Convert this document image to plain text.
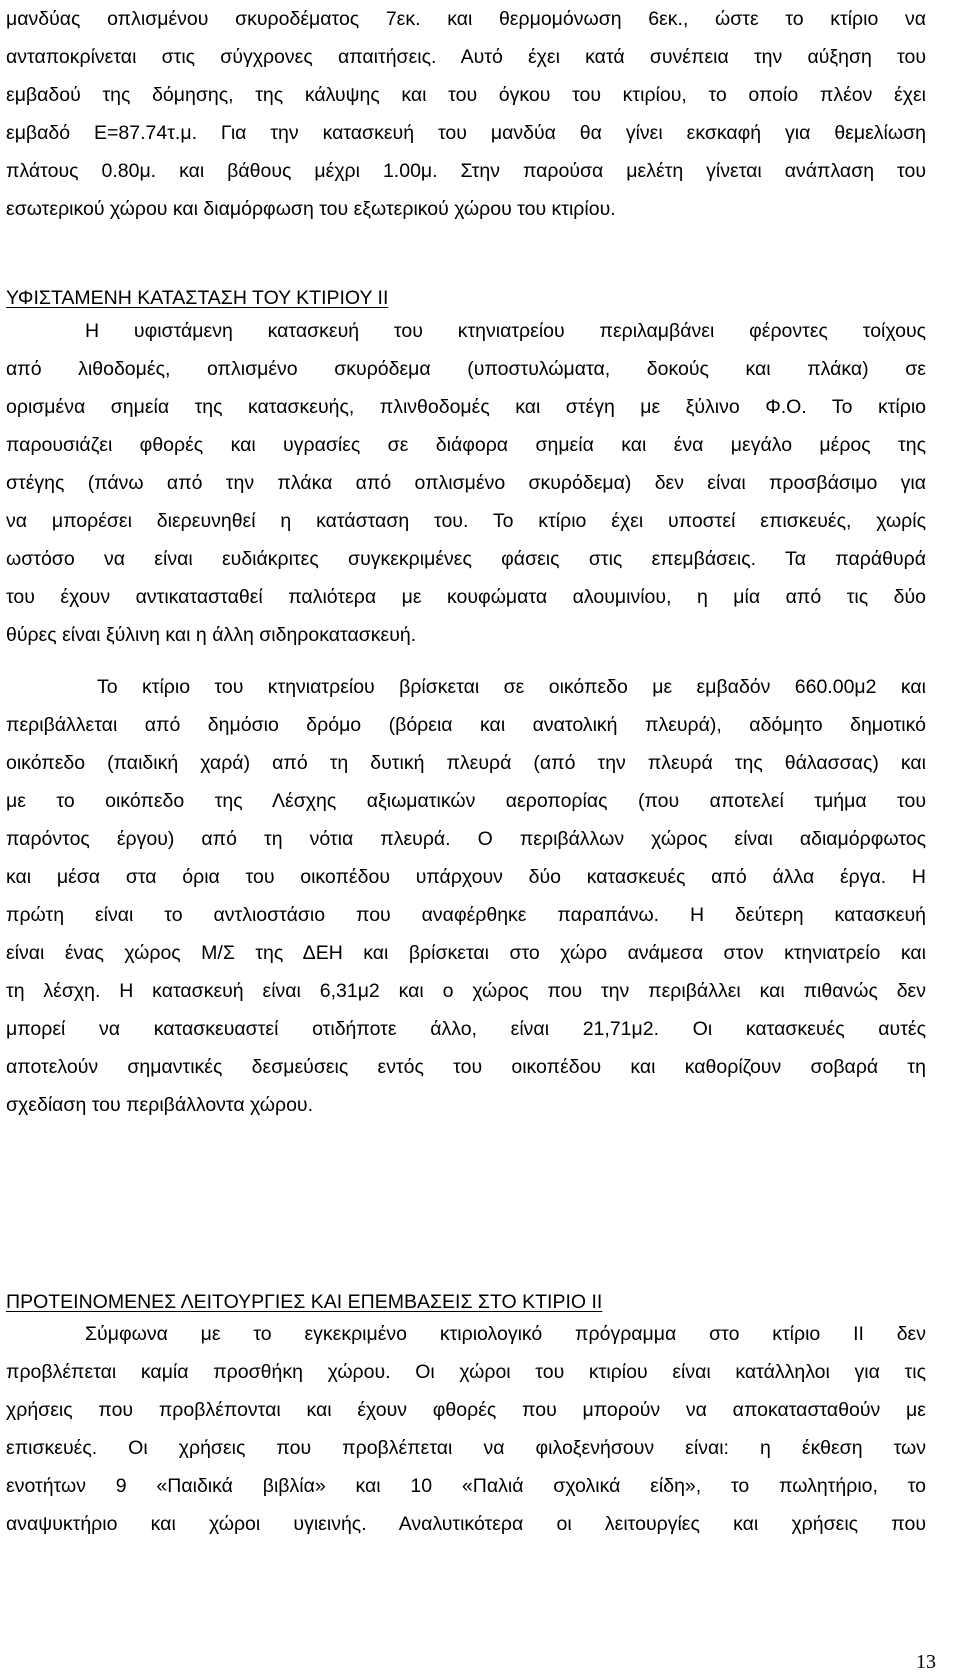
μανδύας οπλισμένου σκυροδέματος 7εκ. και θερμομόνωση 6εκ., ώστε το κτίριο να
ανταποκρίνεται στις σύγχρονες απαιτήσεις. Αυτό έχει κατά συνέπεια την αύξηση του
εμβαδού της δόμησης, της κάλυψης και του όγκου του κτιρίου, το οποίο πλέον έχει
εμβαδό Ε=87.74τ.μ. Για την κατασκευή του μανδύα θα γίνει εκσκαφή για θεμελίωση
πλάτους 0.80μ. και βάθους μέχρι 1.00μ. Στην παρούσα μελέτη γίνεται ανάπλαση του
εσωτερικού χώρου και διαμόρφωση του εξωτερικού χώρου του κτιρίου.
ΥΦΙΣΤΑΜΕΝΗ ΚΑΤΑΣΤΑΣΗ ΤΟΥ ΚΤΙΡΙΟΥ ΙΙ
Η υφιστάμενη κατασκευή του κτηνιατρείου περιλαμβάνει φέροντες τοίχους
από λιθοδομές, οπλισμένο σκυρόδεμα (υποστυλώματα, δοκούς και πλάκα) σε
ορισμένα σημεία της κατασκευής, πλινθοδομές και στέγη με ξύλινο Φ.Ο. Το κτίριο
παρουσιάζει φθορές και υγρασίες σε διάφορα σημεία και ένα μεγάλο μέρος της
στέγης (πάνω από την πλάκα από οπλισμένο σκυρόδεμα) δεν είναι προσβάσιμο για
να μπορέσει διερευνηθεί η κατάσταση του. Το κτίριο έχει υποστεί επισκευές, χωρίς
ωστόσο να είναι ευδιάκριτες συγκεκριμένες φάσεις στις επεμβάσεις. Τα παράθυρά
του έχουν αντικατασταθεί παλιότερα με κουφώματα αλουμινίου, η μία από τις δύο
θύρες είναι ξύλινη και η άλλη σιδηροκατασκευή.
Το κτίριο του κτηνιατρείου βρίσκεται σε οικόπεδο με εμβαδόν 660.00μ2 και
περιβάλλεται από δημόσιο δρόμο (βόρεια και ανατολική πλευρά), αδόμητο δημοτικό
οικόπεδο (παιδική χαρά) από τη δυτική πλευρά (από την πλευρά της θάλασσας) και
με το οικόπεδο της Λέσχης αξιωματικών αεροπορίας (που αποτελεί τμήμα του
παρόντος έργου) από τη νότια πλευρά. Ο περιβάλλων χώρος είναι αδιαμόρφωτος
και μέσα στα όρια του οικοπέδου υπάρχουν δύο κατασκευές από άλλα έργα. Η
πρώτη είναι το αντλιοστάσιο που αναφέρθηκε παραπάνω. Η δεύτερη κατασκευή
είναι ένας χώρος Μ/Σ της ΔΕΗ και βρίσκεται στο χώρο ανάμεσα στον κτηνιατρείο και
τη λέσχη. Η κατασκευή είναι 6,31μ2 και ο χώρος που την περιβάλλει και πιθανώς δεν
μπορεί να κατασκευαστεί οτιδήποτε άλλο, είναι 21,71μ2. Οι κατασκευές αυτές
αποτελούν σημαντικές δεσμεύσεις εντός του οικοπέδου και καθορίζουν σοβαρά τη
σχεδίαση του περιβάλλοντα χώρου.
ΠΡΟΤΕΙΝΟΜΕΝΕΣ ΛΕΙΤΟΥΡΓΙΕΣ ΚΑΙ ΕΠΕΜΒΑΣΕΙΣ ΣΤΟ ΚΤΙΡΙΟ ΙΙ
Σύμφωνα με το εγκεκριμένο κτιριολογικό πρόγραμμα στο κτίριο ΙΙ δεν
προβλέπεται καμία προσθήκη χώρου. Οι χώροι του κτιρίου είναι κατάλληλοι για τις
χρήσεις που προβλέπονται και έχουν φθορές που μπορούν να αποκατασταθούν με
επισκευές. Οι χρήσεις που προβλέπεται να φιλοξενήσουν είναι: η έκθεση των
ενοτήτων 9 «Παιδικά βιβλία» και 10 «Παλιά σχολικά είδη», το πωλητήριο, το
αναψυκτήριο και χώροι υγιεινής. Αναλυτικότερα οι λειτουργίες και χρήσεις που
13
